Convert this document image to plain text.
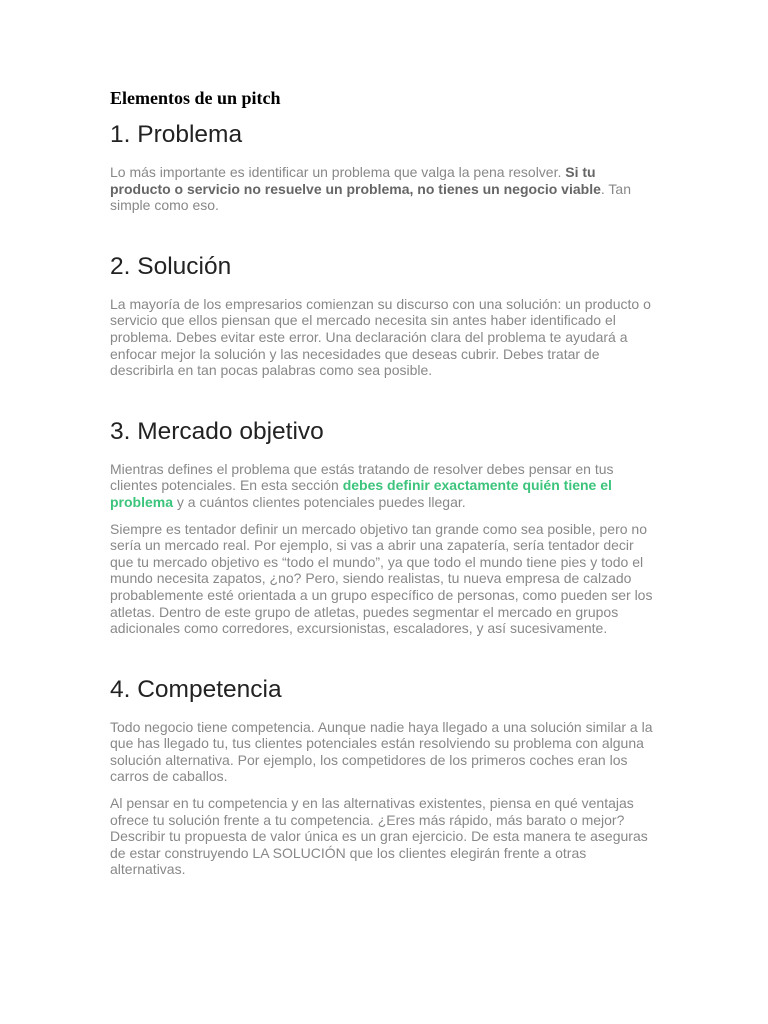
Elementos de un pitch
1. Problema

Lo más importante es identificar un problema que valga la pena resolver. Si tu producto o servicio no resuelve un problema, no tienes un negocio viable. Tan simple como eso.

2. Solución

La mayoría de los empresarios comienzan su discurso con una solución: un producto o servicio que ellos piensan que el mercado necesita sin antes haber identificado el problema. Debes evitar este error. Una declaración clara del problema te ayudará a enfocar mejor la solución y las necesidades que deseas cubrir. Debes tratar de describirla en tan pocas palabras como sea posible.

3. Mercado objetivo

Mientras defines el problema que estás tratando de resolver debes pensar en tus clientes potenciales. En esta sección debes definir exactamente quién tiene el problema y a cuántos clientes potenciales puedes llegar.

Siempre es tentador definir un mercado objetivo tan grande como sea posible, pero no sería un mercado real. Por ejemplo, si vas a abrir una zapatería, sería tentador decir que tu mercado objetivo es “todo el mundo”, ya que todo el mundo tiene pies y todo el mundo necesita zapatos, ¿no? Pero, siendo realistas, tu nueva empresa de calzado probablemente esté orientada a un grupo específico de personas, como pueden ser los atletas. Dentro de este grupo de atletas, puedes segmentar el mercado en grupos adicionales como corredores, excursionistas, escaladores, y así sucesivamente.

4. Competencia

Todo negocio tiene competencia. Aunque nadie haya llegado a una solución similar a la que has llegado tu, tus clientes potenciales están resolviendo su problema con alguna solución alternativa. Por ejemplo, los competidores de los primeros coches eran los carros de caballos.

Al pensar en tu competencia y en las alternativas existentes, piensa en qué ventajas ofrece tu solución frente a tu competencia. ¿Eres más rápido, más barato o mejor? Describir tu propuesta de valor única es un gran ejercicio. De esta manera te aseguras de estar construyendo LA SOLUCIÓN que los clientes elegirán frente a otras alternativas.
